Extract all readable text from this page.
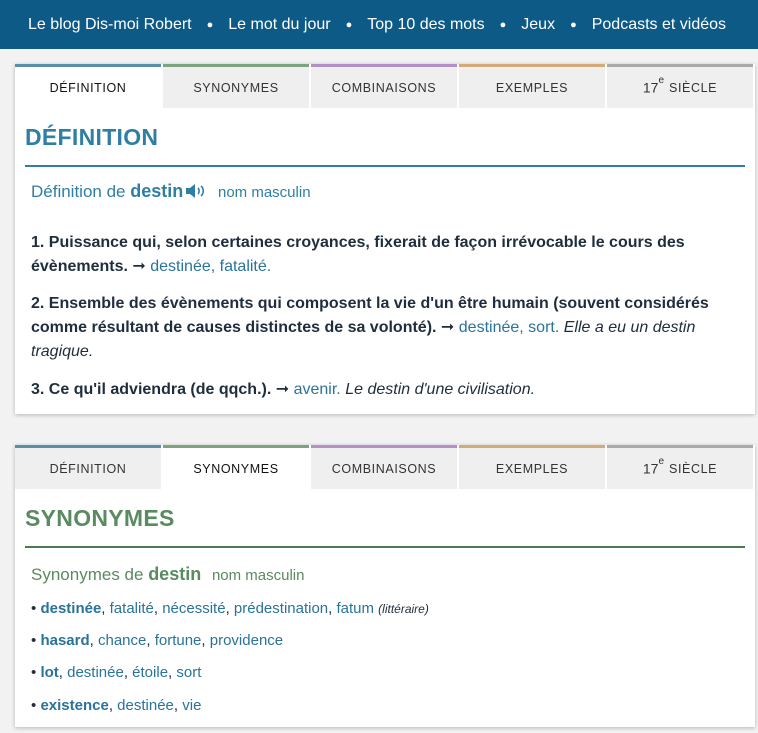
Le blog Dis-moi Robert ● Le mot du jour ● Top 10 des mots ● Jeux ● Podcasts et vidéos
DÉFINITION	SYNONYMES	COMBINAISONS	EXEMPLES	17e SIÈCLE
DÉFINITION
Définition de destin nom masculin
1. Puissance qui, selon certaines croyances, fixerait de façon irrévocable le cours des évènements. ➞ destinée, fatalité.
2. Ensemble des évènements qui composent la vie d'un être humain (souvent considérés comme résultant de causes distinctes de sa volonté). ➞ destinée, sort. Elle a eu un destin tragique.
3. Ce qu'il adviendra (de qqch.). ➞ avenir. Le destin d'une civilisation.
DÉFINITION	SYNONYMES	COMBINAISONS	EXEMPLES	17e SIÈCLE
SYNONYMES
Synonymes de destin nom masculin
• destinée, fatalité, nécessité, prédestination, fatum (littéraire)
• hasard, chance, fortune, providence
• lot, destinée, étoile, sort
• existence, destinée, vie
